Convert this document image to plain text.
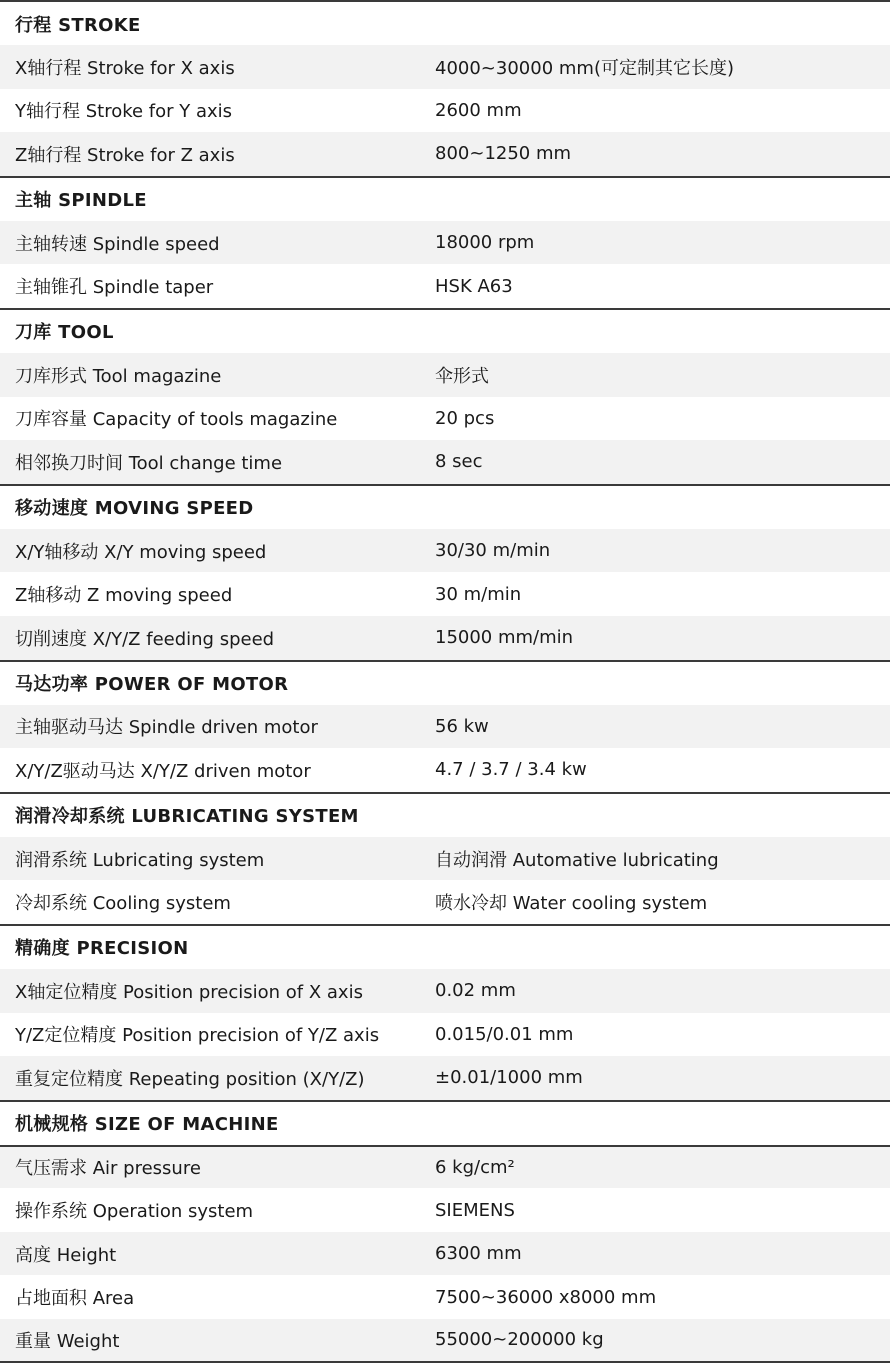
行程 STROKE
X轴行程 Stroke for X axis	4000~30000 mm(可定制其它长度)
Y轴行程 Stroke for Y axis	2600 mm
Z轴行程 Stroke for Z axis	800~1250 mm
主轴 SPINDLE
主轴转速 Spindle speed	18000 rpm
主轴锥孔 Spindle taper	HSK A63
刀库 TOOL
刀库形式 Tool magazine	伞形式
刀库容量 Capacity of tools magazine	20 pcs
相邻换刀时间 Tool change time	8 sec
移动速度 MOVING SPEED
X/Y轴移动 X/Y moving speed	30/30 m/min
Z轴移动 Z moving speed	30 m/min
切削速度 X/Y/Z feeding speed	15000 mm/min
马达功率 POWER OF MOTOR
主轴驱动马达 Spindle driven motor	56 kw
X/Y/Z驱动马达 X/Y/Z driven motor	4.7 / 3.7 / 3.4 kw
润滑冷却系统 LUBRICATING SYSTEM
润滑系统 Lubricating system	自动润滑 Automative lubricating
冷却系统 Cooling system	喷水冷却 Water cooling system
精确度 PRECISION
X轴定位精度 Position precision of X axis	0.02 mm
Y/Z定位精度 Position precision of Y/Z axis	0.015/0.01 mm
重复定位精度 Repeating position (X/Y/Z)	±0.01/1000 mm
机械规格 SIZE OF MACHINE
气压需求 Air pressure	6 kg/cm²
操作系统 Operation system	SIEMENS
高度 Height	6300 mm
占地面积 Area	7500~36000 x8000 mm
重量 Weight	55000~200000 kg
